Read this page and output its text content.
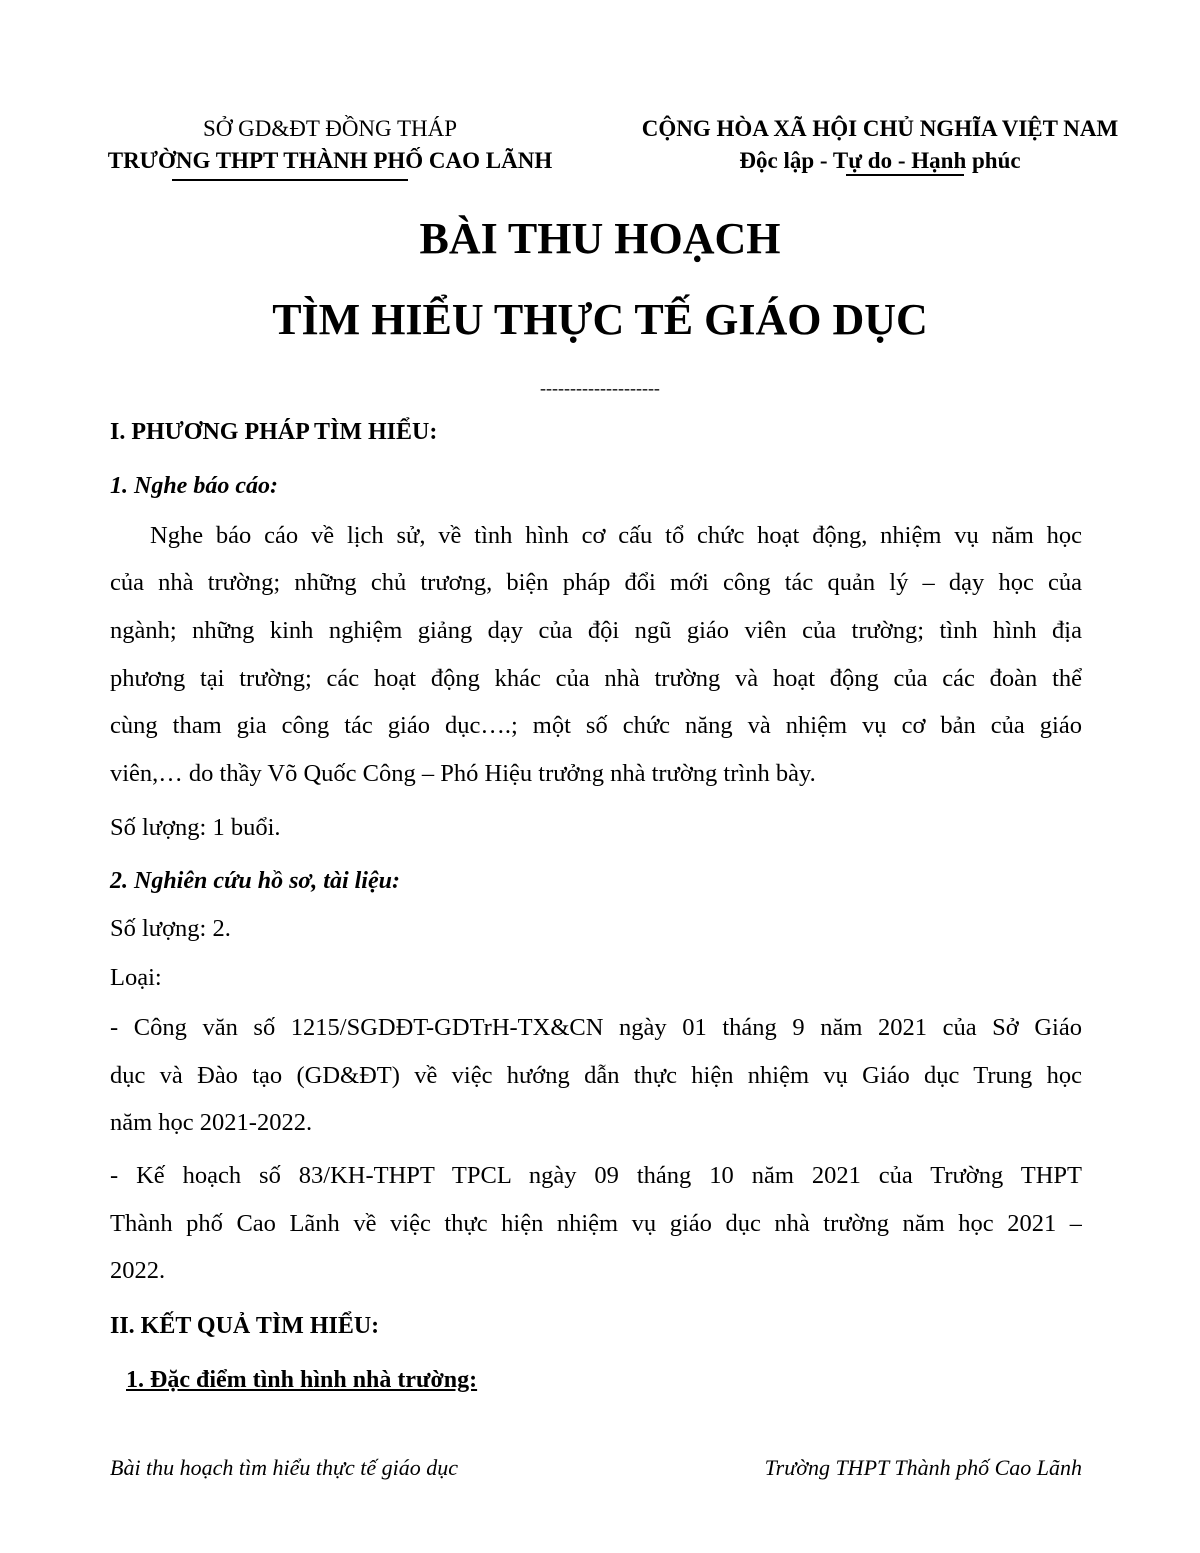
SỞ GD&ĐT ĐỒNG THÁP
TRƯỜNG THPT THÀNH PHỐ CAO LÃNH
CỘNG HÒA XÃ HỘI CHỦ NGHĨA VIỆT NAM
Độc lập - Tự do - Hạnh phúc
BÀI THU HOẠCH
TÌM HIỂU THỰC TẾ GIÁO DỤC
--------------------
I. PHƯƠNG PHÁP TÌM HIỂU:
1. Nghe báo cáo:
Nghe báo cáo về lịch sử, về tình hình cơ cấu tổ chức hoạt động, nhiệm vụ năm học
của nhà trường; những chủ trương, biện pháp đổi mới công tác quản lý – dạy học của
ngành; những kinh nghiệm giảng dạy của đội ngũ giáo viên của trường; tình hình địa
phương tại trường; các hoạt động khác của nhà trường và hoạt động của các đoàn thể
cùng tham gia công tác giáo dục….; một số chức năng và nhiệm vụ cơ bản của giáo
viên,… do thầy Võ Quốc Công – Phó Hiệu trưởng nhà trường trình bày.
Số lượng: 1 buổi.
2. Nghiên cứu hồ sơ, tài liệu:
Số lượng: 2.
Loại:
- Công văn số 1215/SGDĐT-GDTrH-TX&CN ngày 01 tháng 9 năm 2021 của Sở Giáo
dục và Đào tạo (GD&ĐT) về việc hướng dẫn thực hiện nhiệm vụ Giáo dục Trung học
năm học 2021-2022.
- Kế hoạch số 83/KH-THPT TPCL ngày 09 tháng 10 năm 2021 của Trường THPT
Thành phố Cao Lãnh về việc thực hiện nhiệm vụ giáo dục nhà trường năm học 2021 –
2022.
II. KẾT QUẢ TÌM HIỂU:
1. Đặc điểm tình hình nhà trường:
Bài thu hoạch tìm hiểu thực tế giáo dục	Trường THPT Thành phố Cao Lãnh
